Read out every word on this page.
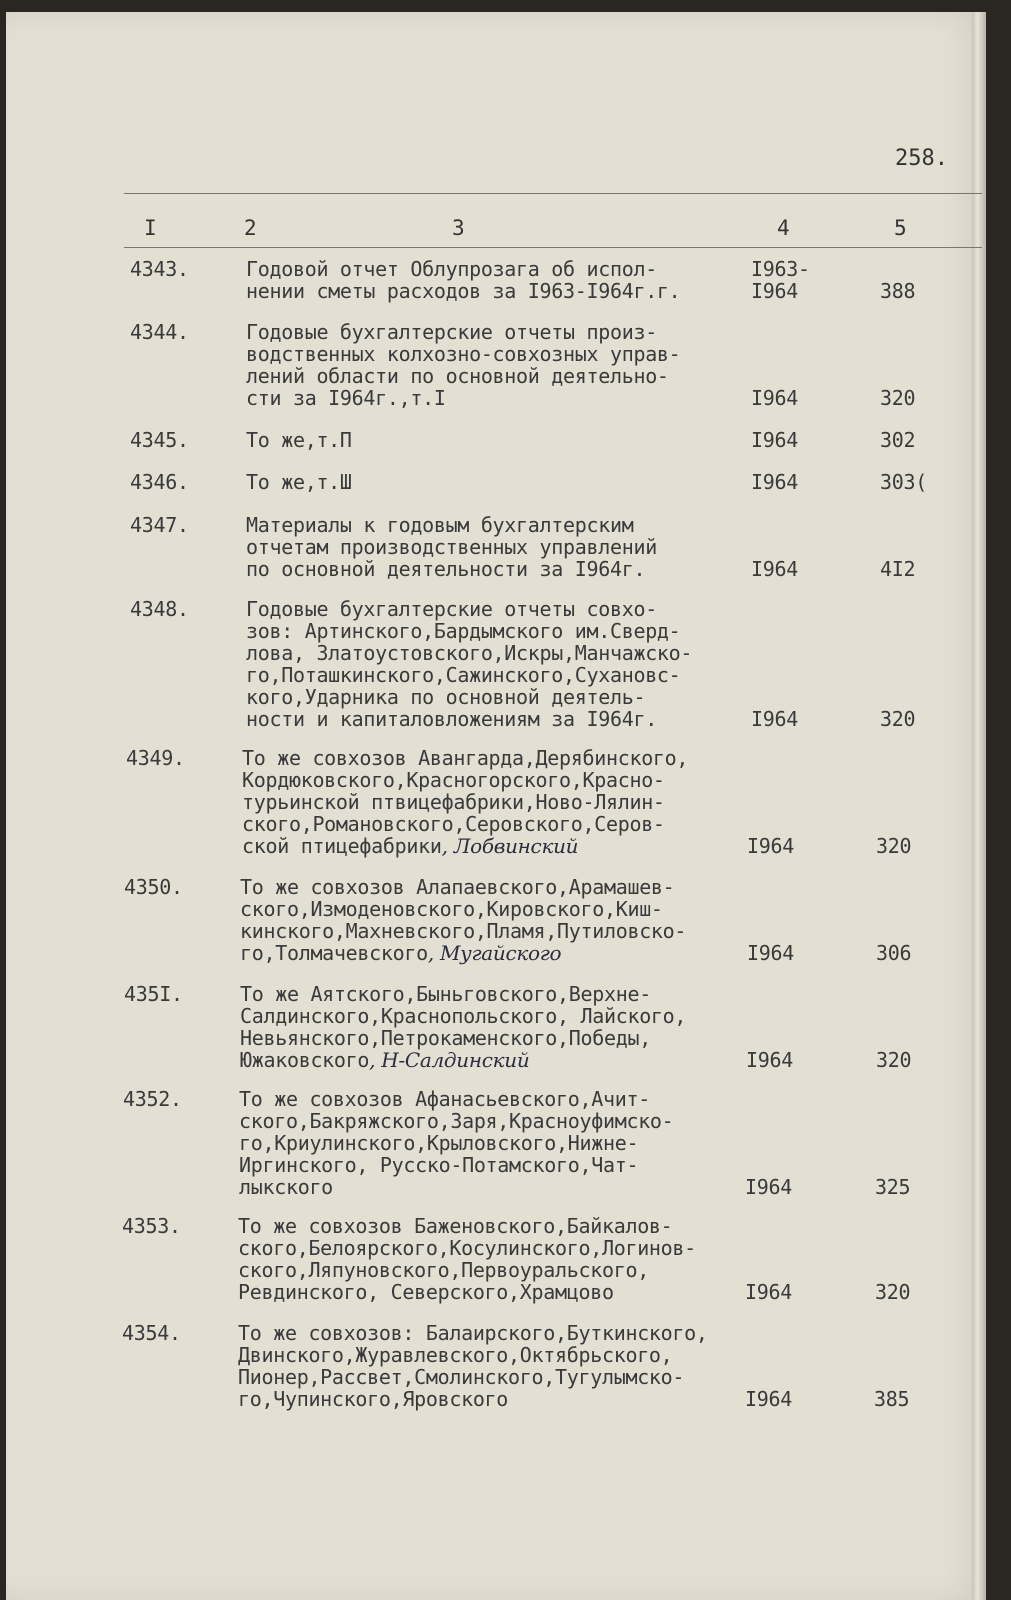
258.
I	2	3	4	5
4343.	Годовой отчет Облупрозага об испол-
нении сметы расходов за I963-I964г.г.
I963-
I964	388
4344.	Годовые бухгалтерские отчеты произ-
водственных колхозно-совхозных управ-
лений области по основной деятельно-
сти за I964г.,т.I	I964	320
4345.	То же,т.П	I964	302
4346.	То же,т.Ш	I964	303(
4347.	Материалы к годовым бухгалтерским
отчетам производственных управлений
по основной деятельности за I964г.	I964	4I2
4348.	Годовые бухгалтерские отчеты совхо-
зов: Артинского,Бардымского им.Сверд-
лова, Златоустовского,Искры,Манчажско-
го,Поташкинского,Сажинского,Сухановс-
кого,Ударника по основной деятель-
ности и капиталовложениям за I964г.	I964	320
4349.	То же совхозов Авангарда,Дерябинского,
Кордюковского,Красногорского,Красно-
турьинской птвицефабрики,Ново-Лялин-
ского,Романовского,Серовского,Серов-
ской птицефабрики, Лобвинский	I964	320
4350.	То же совхозов Алапаевского,Арамашев-
ского,Измоденовского,Кировского,Киш-
кинского,Махневского,Пламя,Путиловско-
го,Толмачевского, Мугайского	I964	306
435I.	То же Аятского,Быньговского,Верхне-
Салдинского,Краснопольского, Лайского,
Невьянского,Петрокаменского,Победы,
Южаковского, Н-Салдинский	I964	320
4352.	То же совхозов Афанасьевского,Ачит-
ского,Бакряжского,Заря,Красноуфимско-
го,Криулинского,Крыловского,Нижне-
Иргинского, Русско-Потамского,Чат-
лыкского	I964	325
4353.	То же совхозов Баженовского,Байкалов-
ского,Белоярского,Косулинского,Логинов-
ского,Ляпуновского,Первоуральского,
Ревдинского, Северского,Храмцово	I964	320
4354.	То же совхозов: Балаирского,Буткинского,
Двинского,Журавлевского,Октябрьского,
Пионер,Рассвет,Смолинского,Тугулымско-
го,Чупинского,Яровского	I964	385
